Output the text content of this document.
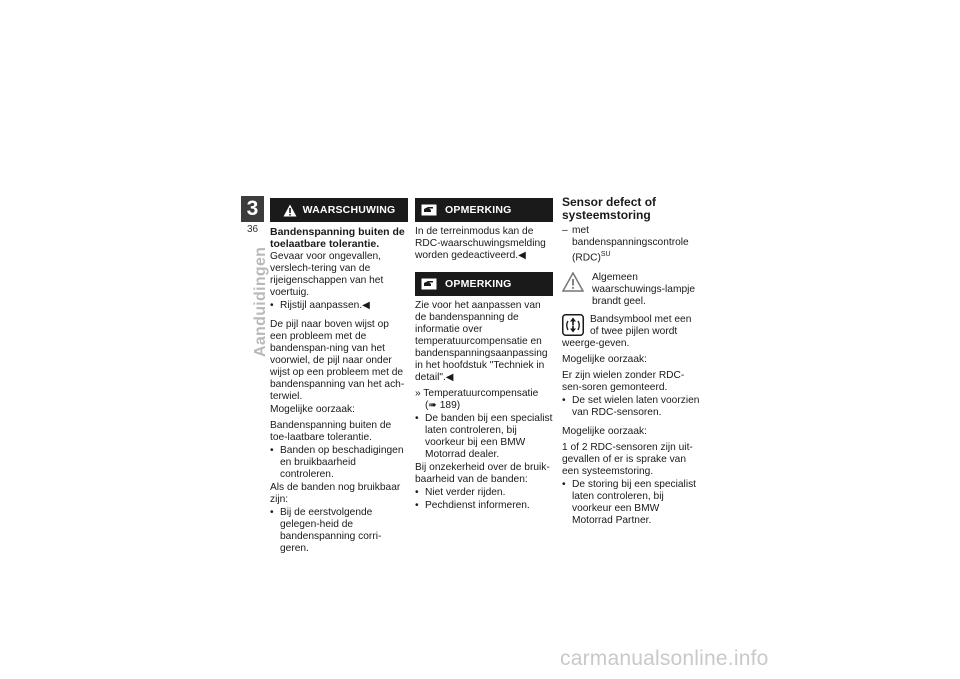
3
36
Aanduidingen
WAARSCHUWING

Bandenspanning buiten de toelaatbare tolerantie.

Gevaar voor ongevallen, verslech-tering van de rijeigenschappen van het voertuig.

• Rijstijl aanpassen.◀

De pijl naar boven wijst op een probleem met de bandenspan-ning van het voorwiel, de pijl naar onder wijst op een probleem met de bandenspanning van het ach-terwiel.

Mogelijke oorzaak:

Bandenspanning buiten de toe-laatbare tolerantie.

• Banden op beschadigingen en bruikbaarheid controleren.

Als de banden nog bruikbaar zijn:

• Bij de eerstvolgende gelegen-heid de bandenspanning corri-geren.

OPMERKING

In de terreinmodus kan de RDC-waarschuwingsmelding worden gedeactiveerd.◀

OPMERKING

Zie voor het aanpassen van de bandenspanning de informatie over temperatuurcompensatie en bandenspanningsaanpassing in het hoofdstuk "Techniek in detail".◀

» Temperatuurcompensatie
(➠ 189)

• De banden bij een specialist laten controleren, bij voorkeur bij een BMW Motorrad dealer.

Bij onzekerheid over de bruik-baarheid van de banden:

• Niet verder rijden.

• Pechdienst informeren.

Sensor defect of systeemstoring

– met bandenspanningscontrole (RDC)$^{SU}$

Algemeen waarschuwings-lampje brandt geel.
Bandsymbool met een of twee pijlen wordt weerge-geven.

Mogelijke oorzaak:

Er zijn wielen zonder RDC-sen-soren gemonteerd.

• De set wielen laten voorzien van RDC-sensoren.

Mogelijke oorzaak:

1 of 2 RDC-sensoren zijn uit-gevallen of er is sprake van een systeemstoring.

• De storing bij een specialist laten controleren, bij voorkeur een BMW Motorrad Partner.

carmanualsonline.info
